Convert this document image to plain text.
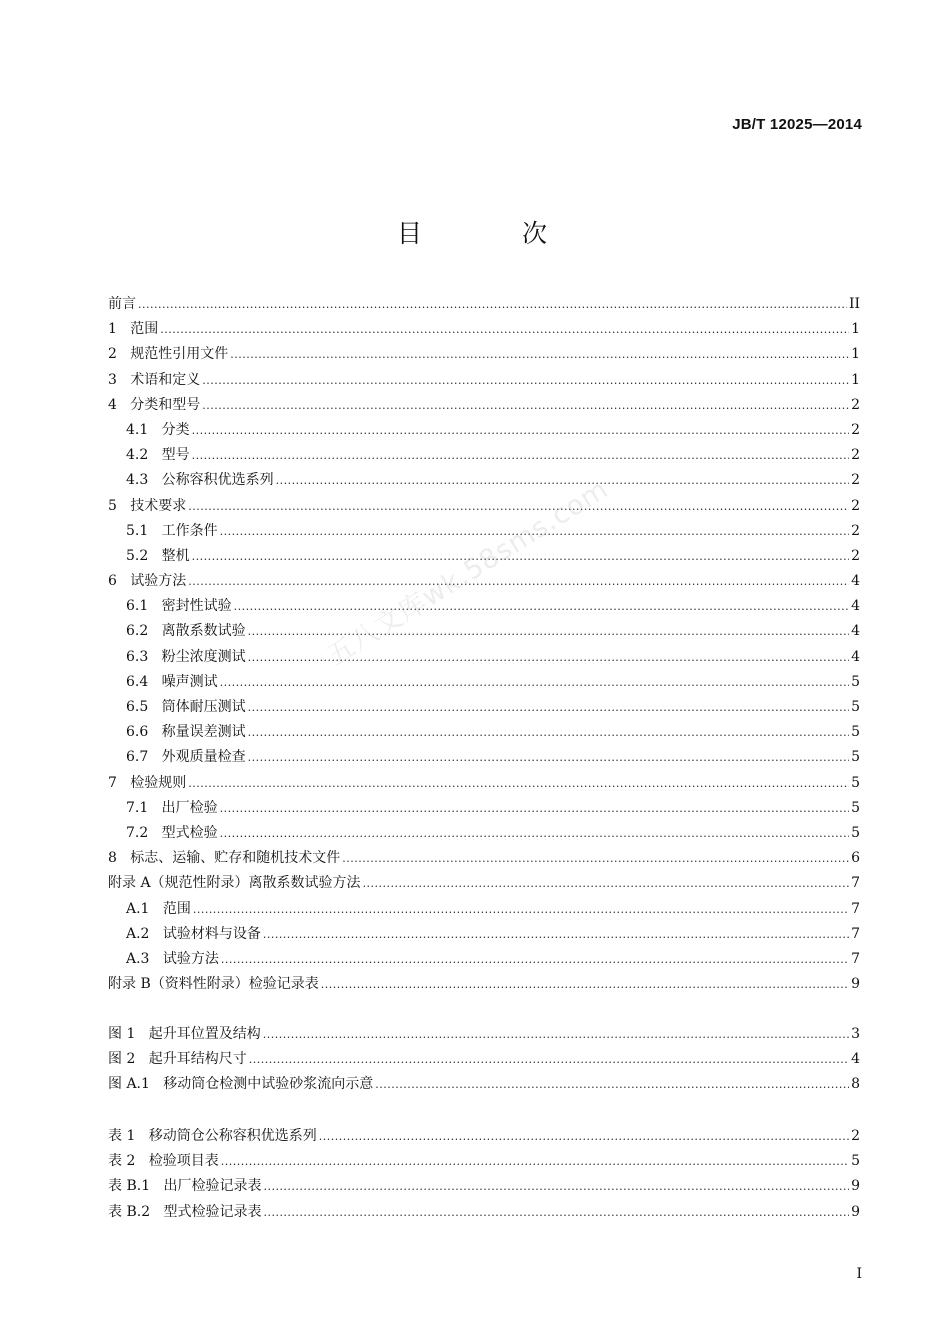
JB/T 12025—2014
目 次
前言 .....	II
1 范围 .....	1
2 规范性引用文件 .....	1
3 术语和定义 .....	1
4 分类和型号 .....	2
4.1 分类 .....	2
4.2 型号 .....	2
4.3 公称容积优选系列 .....	2
5 技术要求 .....	2
5.1 工作条件 .....	2
5.2 整机 .....	2
6 试验方法 .....	4
6.1 密封性试验 .....	4
6.2 离散系数试验 .....	4
6.3 粉尘浓度测试 .....	4
6.4 噪声测试 .....	5
6.5 筒体耐压测试 .....	5
6.6 称量误差测试 .....	5
6.7 外观质量检查 .....	5
7 检验规则 .....	5
7.1 出厂检验 .....	5
7.2 型式检验 .....	5
8 标志、运输、贮存和随机技术文件 .....	6
附录 A（规范性附录）离散系数试验方法 .....	7
A.1 范围 .....	7
A.2 试验材料与设备 .....	7
A.3 试验方法 .....	7
附录 B（资料性附录）检验记录表 .....	9
图 1 起升耳位置及结构 .....	3
图 2 起升耳结构尺寸 .....	4
图 A.1 移动筒仓检测中试验砂浆流向示意 .....	8
表 1 移动筒仓公称容积优选系列 .....	2
表 2 检验项目表 .....	5
表 B.1 出厂检验记录表 .....	9
表 B.2 型式检验记录表 .....	9
五八文库wk.58sms.com
I
